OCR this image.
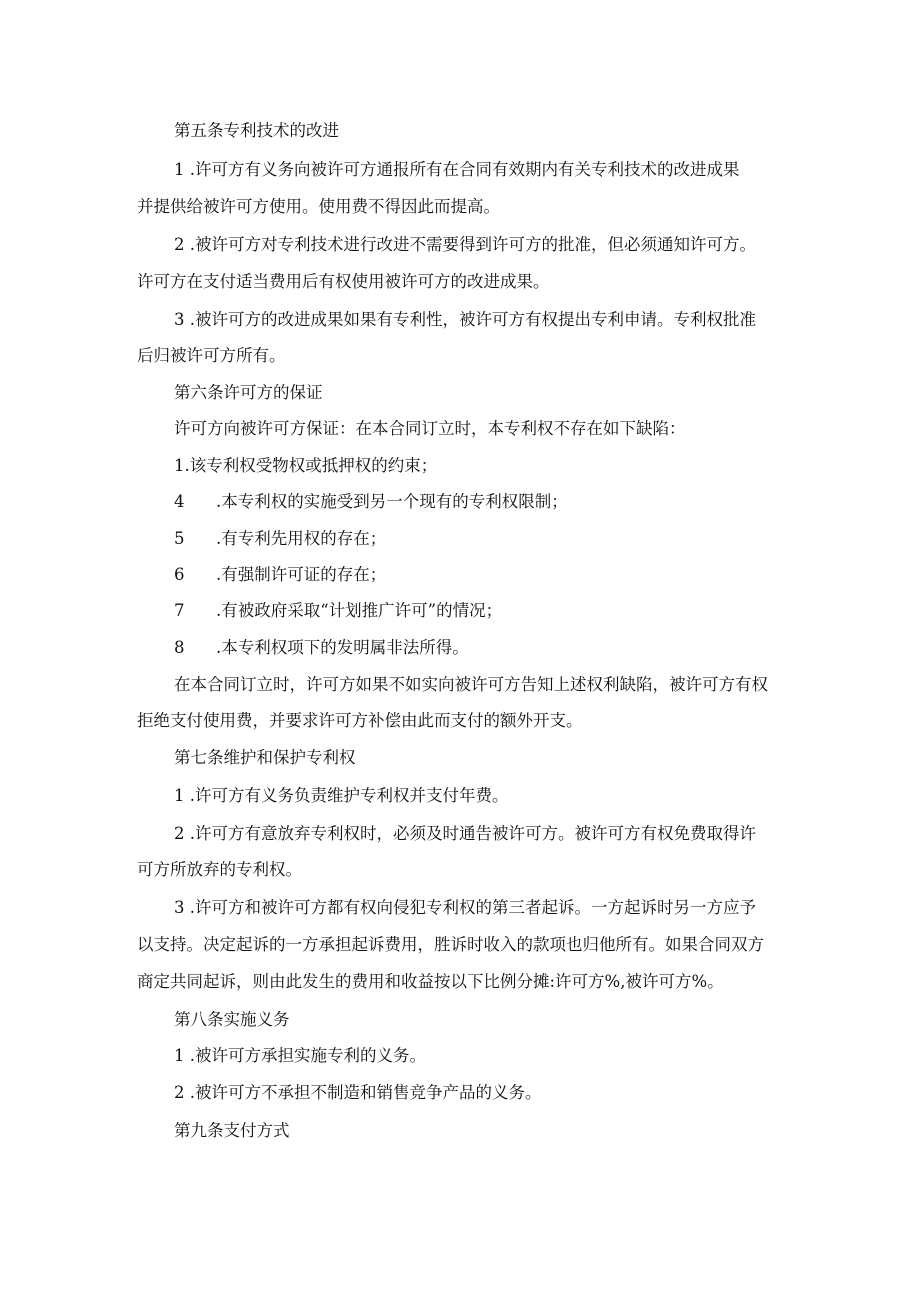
第五条专利技术的改进
1 .许可方有义务向被许可方通报所有在合同有效期内有关专利技术的改进成果
并提供给被许可方使用。使用费不得因此而提高。
2 .被许可方对专利技术进行改进不需要得到许可方的批准，但必须通知许可方。
许可方在支付适当费用后有权使用被许可方的改进成果。
3 .被许可方的改进成果如果有专利性，被许可方有权提出专利申请。专利权批准
后归被许可方所有。
第六条许可方的保证
许可方向被许可方保证：在本合同订立时，本专利权不存在如下缺陷：
1.该专利权受物权或抵押权的约束；
4 .本专利权的实施受到另一个现有的专利权限制；
5 .有专利先用权的存在；
6 .有强制许可证的存在；
7 .有被政府采取“计划推广许可”的情况；
8 .本专利权项下的发明属非法所得。
在本合同订立时，许可方如果不如实向被许可方告知上述权利缺陷，被许可方有权
拒绝支付使用费，并要求许可方补偿由此而支付的额外开支。
第七条维护和保护专利权
1 .许可方有义务负责维护专利权并支付年费。
2 .许可方有意放弃专利权时，必须及时通告被许可方。被许可方有权免费取得许
可方所放弃的专利权。
3 .许可方和被许可方都有权向侵犯专利权的第三者起诉。一方起诉时另一方应予
以支持。决定起诉的一方承担起诉费用，胜诉时收入的款项也归他所有。如果合同双方
商定共同起诉，则由此发生的费用和收益按以下比例分摊:许可方%,被许可方%。
第八条实施义务
1 .被许可方承担实施专利的义务。
2 .被许可方不承担不制造和销售竞争产品的义务。
第九条支付方式
